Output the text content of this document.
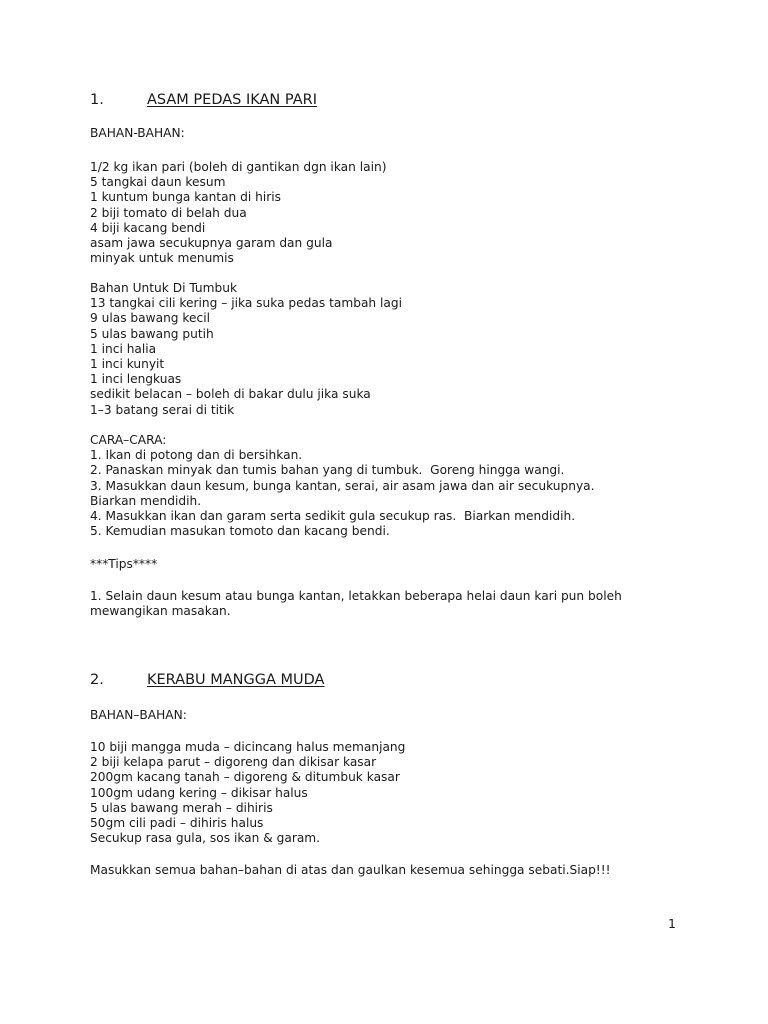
1.	ASAM PEDAS IKAN PARI
BAHAN-BAHAN:
1/2 kg ikan pari (boleh di gantikan dgn ikan lain)
5 tangkai daun kesum
1 kuntum bunga kantan di hiris
2 biji tomato di belah dua
4 biji kacang bendi
asam jawa secukupnya garam dan gula
minyak untuk menumis
Bahan Untuk Di Tumbuk
13 tangkai cili kering – jika suka pedas tambah lagi
9 ulas bawang kecil
5 ulas bawang putih
1 inci halia
1 inci kunyit
1 inci lengkuas
sedikit belacan – boleh di bakar dulu jika suka
1–3 batang serai di titik
CARA–CARA:
1. Ikan di potong dan di bersihkan.
2. Panaskan minyak dan tumis bahan yang di tumbuk.  Goreng hingga wangi.
3. Masukkan daun kesum, bunga kantan, serai, air asam jawa dan air secukupnya.
Biarkan mendidih.
4. Masukkan ikan dan garam serta sedikit gula secukup ras.  Biarkan mendidih.
5. Kemudian masukan tomoto dan kacang bendi.
***Tips****
1. Selain daun kesum atau bunga kantan, letakkan beberapa helai daun kari pun boleh
mewangikan masakan.
2.	KERABU MANGGA MUDA
BAHAN–BAHAN:
10 biji mangga muda – dicincang halus memanjang
2 biji kelapa parut – digoreng dan dikisar kasar
200gm kacang tanah – digoreng & ditumbuk kasar
100gm udang kering – dikisar halus
5 ulas bawang merah – dihiris
50gm cili padi – dihiris halus
Secukup rasa gula, sos ikan & garam.
Masukkan semua bahan–bahan di atas dan gaulkan kesemua sehingga sebati.Siap!!!
1
